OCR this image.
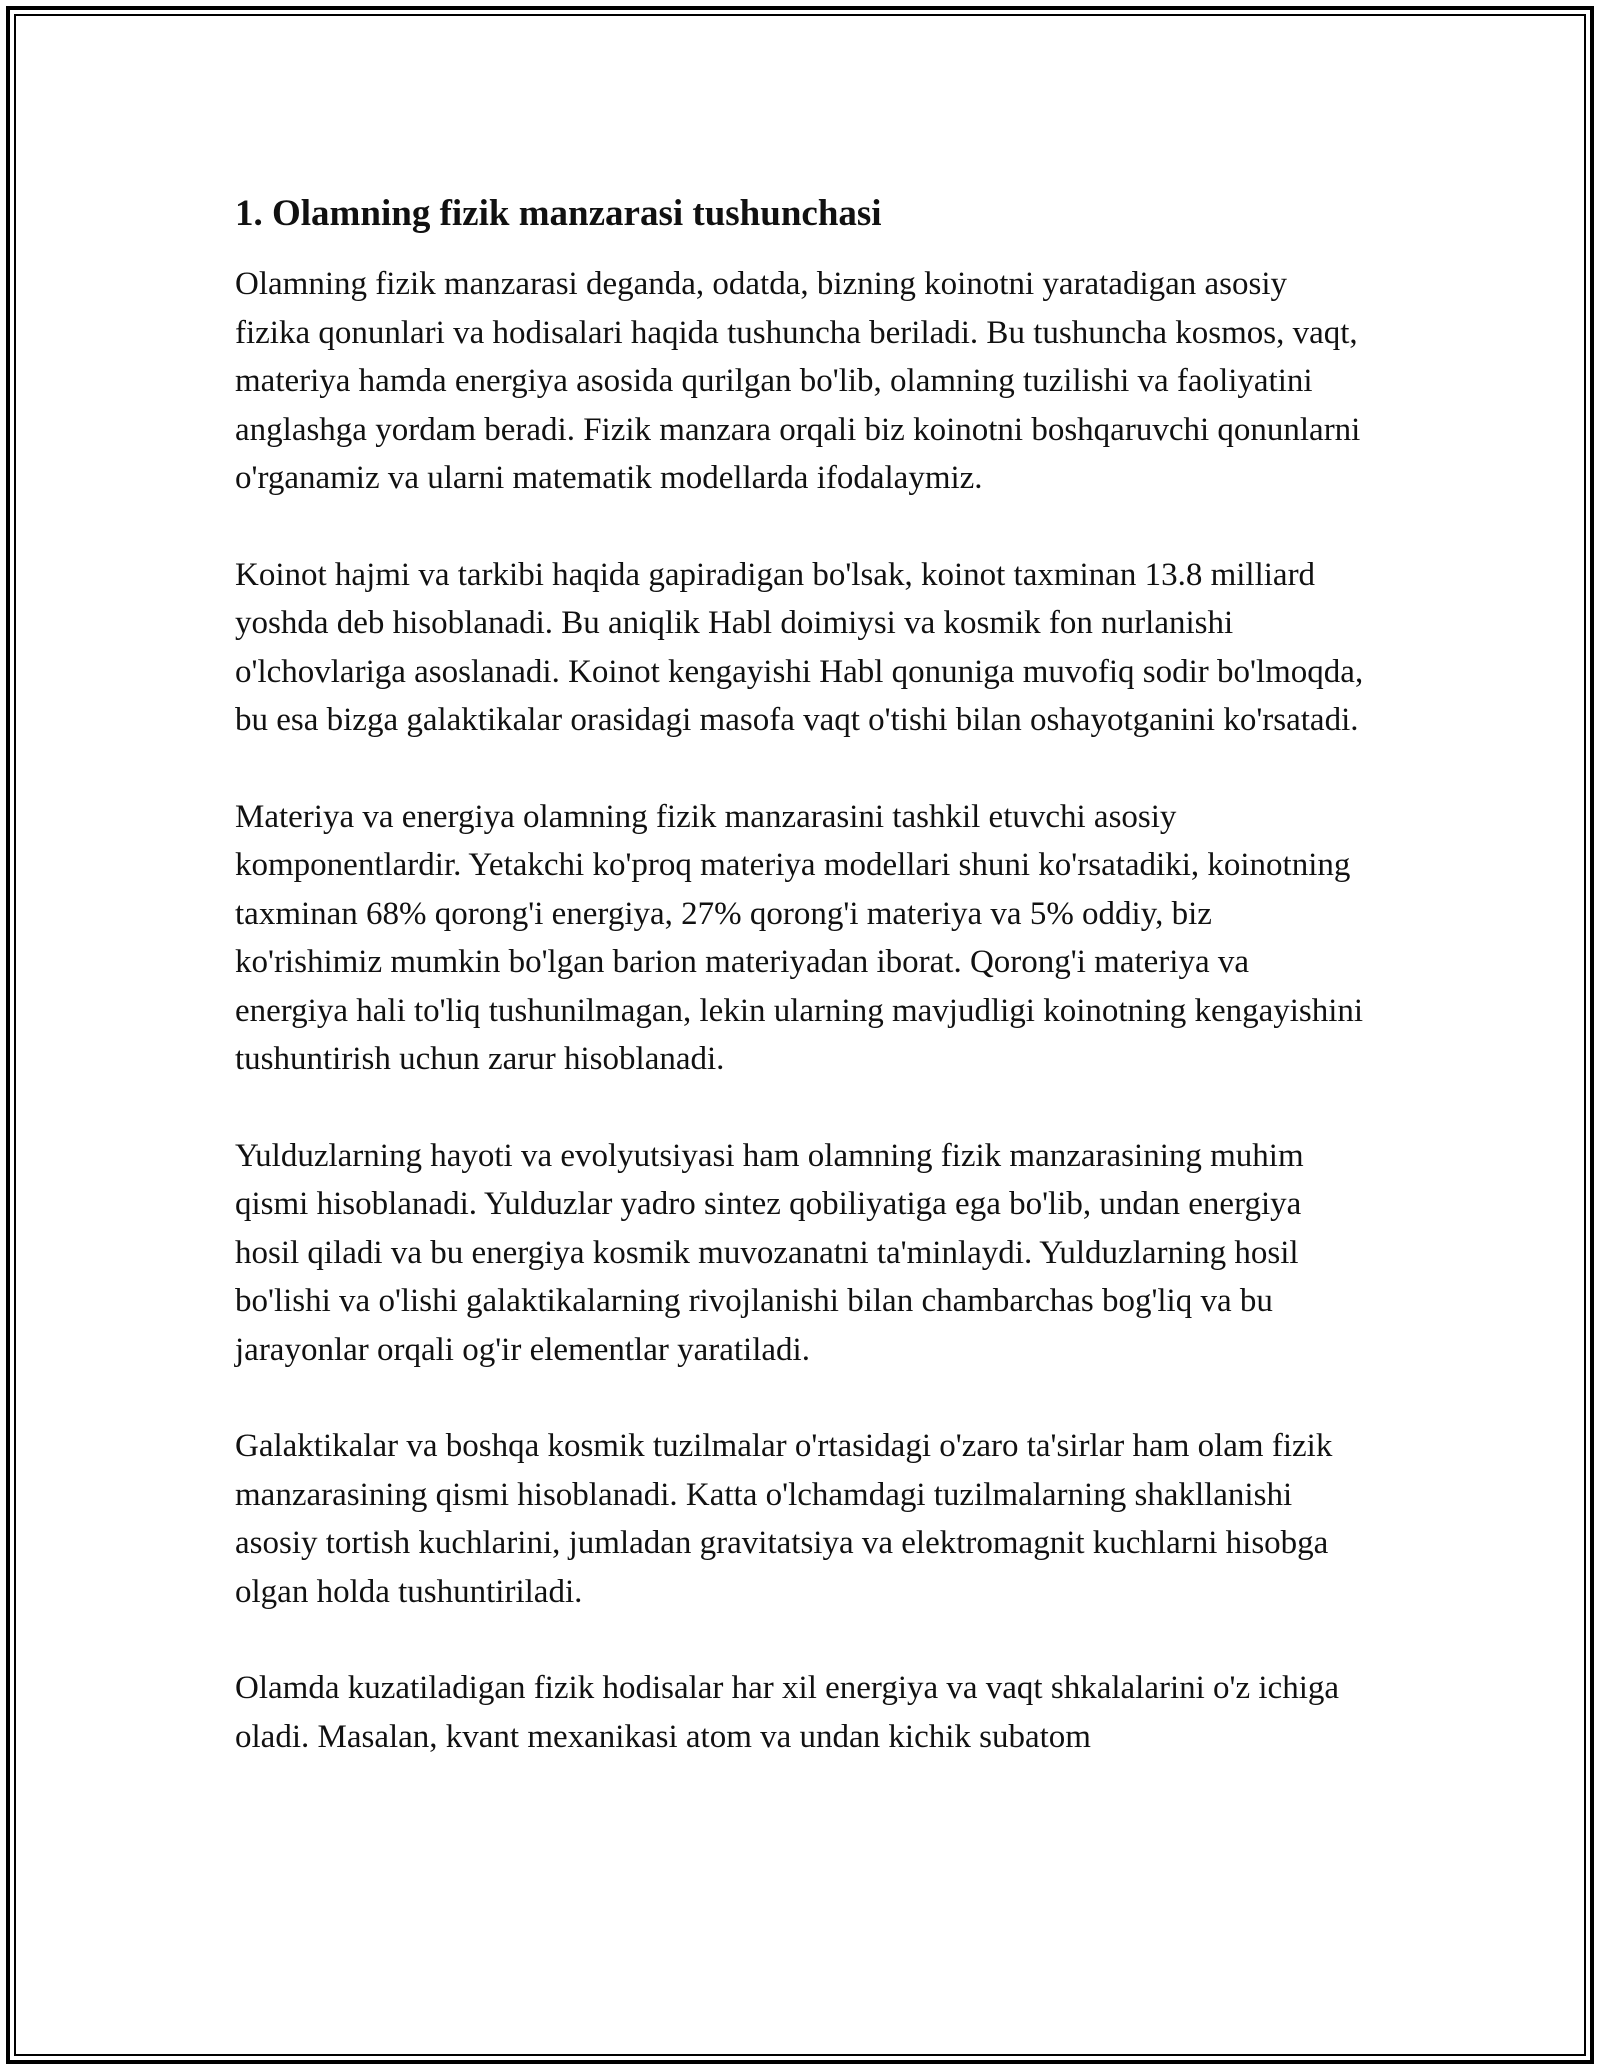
1. Olamning fizik manzarasi tushunchasi

Olamning fizik manzarasi deganda, odatda, bizning koinotni yaratadigan asosiy fizika qonunlari va hodisalari haqida tushuncha beriladi. Bu tushuncha kosmos, vaqt, materiya hamda energiya asosida qurilgan bo'lib, olamning tuzilishi va faoliyatini anglashga yordam beradi. Fizik manzara orqali biz koinotni boshqaruvchi qonunlarni o'rganamiz va ularni matematik modellarda ifodalaymiz.

Koinot hajmi va tarkibi haqida gapiradigan bo'lsak, koinot taxminan 13.8 milliard yoshda deb hisoblanadi. Bu aniqlik Habl doimiysi va kosmik fon nurlanishi o'lchovlariga asoslanadi. Koinot kengayishi Habl qonuniga muvofiq sodir bo'lmoqda, bu esa bizga galaktikalar orasidagi masofa vaqt o'tishi bilan oshayotganini ko'rsatadi.

Materiya va energiya olamning fizik manzarasini tashkil etuvchi asosiy komponentlardir. Yetakchi ko'proq materiya modellari shuni ko'rsatadiki, koinotning taxminan 68% qorong'i energiya, 27% qorong'i materiya va 5% oddiy, biz ko'rishimiz mumkin bo'lgan barion materiyadan iborat. Qorong'i materiya va energiya hali to'liq tushunilmagan, lekin ularning mavjudligi koinotning kengayishini tushuntirish uchun zarur hisoblanadi.

Yulduzlarning hayoti va evolyutsiyasi ham olamning fizik manzarasining muhim qismi hisoblanadi. Yulduzlar yadro sintez qobiliyatiga ega bo'lib, undan energiya hosil qiladi va bu energiya kosmik muvozanatni ta'minlaydi. Yulduzlarning hosil bo'lishi va o'lishi galaktikalarning rivojlanishi bilan chambarchas bog'liq va bu jarayonlar orqali og'ir elementlar yaratiladi.

Galaktikalar va boshqa kosmik tuzilmalar o'rtasidagi o'zaro ta'sirlar ham olam fizik manzarasining qismi hisoblanadi. Katta o'lchamdagi tuzilmalarning shakllanishi asosiy tortish kuchlarini, jumladan gravitatsiya va elektromagnit kuchlarni hisobga olgan holda tushuntiriladi.

Olamda kuzatiladigan fizik hodisalar har xil energiya va vaqt shkalalarini o'z ichiga oladi. Masalan, kvant mexanikasi atom va undan kichik subatom
